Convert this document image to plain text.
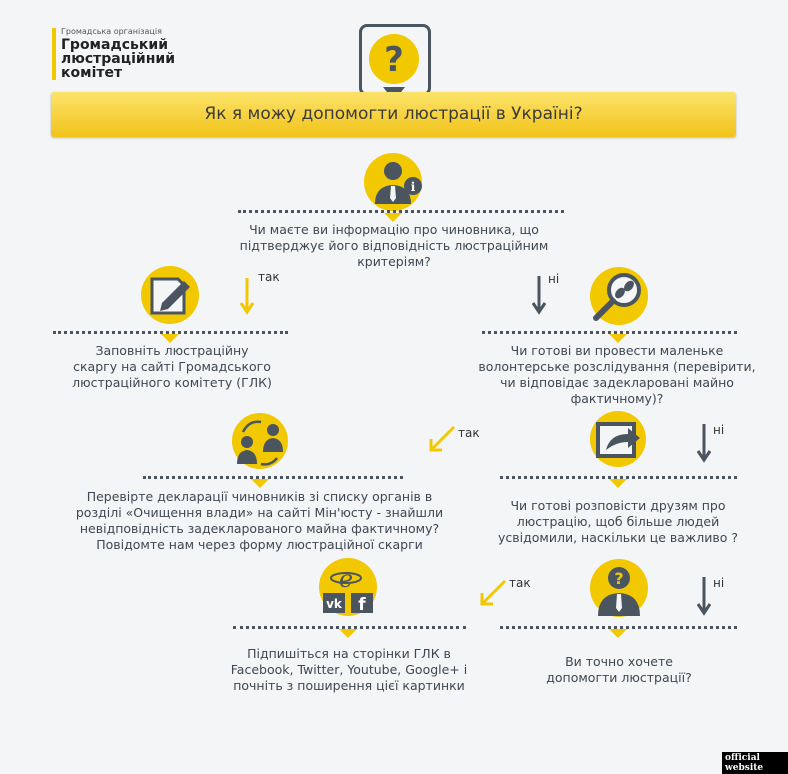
Громадська організація
Громадський люстраційний комітет	?
Як я можу допомогти люстрації в Україні?
i
Чи маєте ви інформацію про чиновника, що підтверджує його відповідність люстраційним критеріям?
так
Заповніть люстраційну скаргу на сайті Громадського люстраційного комітету (ГЛК)
ні
Чи готові ви провести маленьке волонтерське розслідування (перевірити, чи відповідає задекларовані майно фактичному)?
так
Перевірте декларації чиновників зі списку органів в розділі «Очищення влади» на сайті Мін'юсту - знайшли невідповідність задекларованого майна фактичному? Повідомте нам через форму люстраційної скарги
ні
Чи готові розповісти друзям про люстрацію, щоб більше людей усвідомили, наскільки це важливо ?
e
vk f
так
Підпишіться на сторінки ГЛК в Facebook, Twitter, Youtube, Google+ і почніть з поширення цієї картинки
?	ні
Ви точно хочете допомогти люстрації?
official website
